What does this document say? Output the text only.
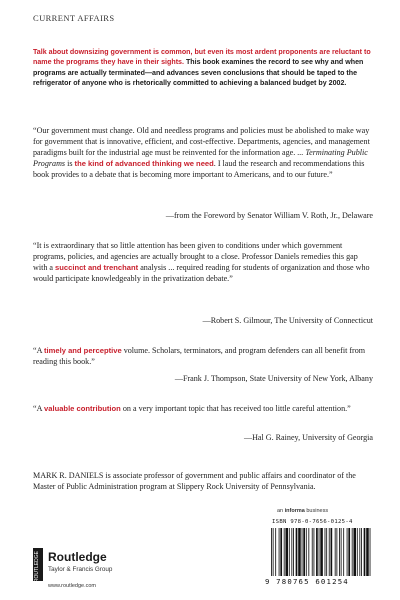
CURRENT AFFAIRS

Talk about downsizing government is common, but even its most ardent proponents are reluctant to name the programs they have in their sights. This book examines the record to see why and when programs are actually terminated—and advances seven conclusions that should be taped to the refrigerator of anyone who is rhetorically committed to achieving a balanced budget by 2002.

“Our government must change. Old and needless programs and policies must be abolished to make way for government that is innovative, efficient, and cost-effective. Departments, agencies, and management paradigms built for the industrial age must be reinvented for the information age. ... Terminating Public Programs is the kind of advanced thinking we need. I laud the research and recommendations this book provides to a debate that is becoming more important to Americans, and to our future.”

—from the Foreword by Senator William V. Roth, Jr., Delaware

“It is extraordinary that so little attention has been given to conditions under which government programs, policies, and agencies are actually brought to a close. Professor Daniels remedies this gap with a succinct and trenchant analysis ... required reading for students of organization and those who would participate knowledgeably in the privatization debate.”

—Robert S. Gilmour, The University of Connecticut

“A timely and perceptive volume. Scholars, terminators, and program defenders can all benefit from reading this book.”

—Frank J. Thompson, State University of New York, Albany

“A valuable contribution on a very important topic that has received too little careful attention.”

—Hal G. Rainey, University of Georgia

MARK R. DANIELS is associate professor of government and public affairs and coordinator of the Master of Public Administration program at Slippery Rock University of Pennsylvania.

ROUTLEDGE Routledge
Taylor & Francis Group
www.routledge.com
an informa business
ISBN 978-0-7656-0125-4
9 780765 601254
